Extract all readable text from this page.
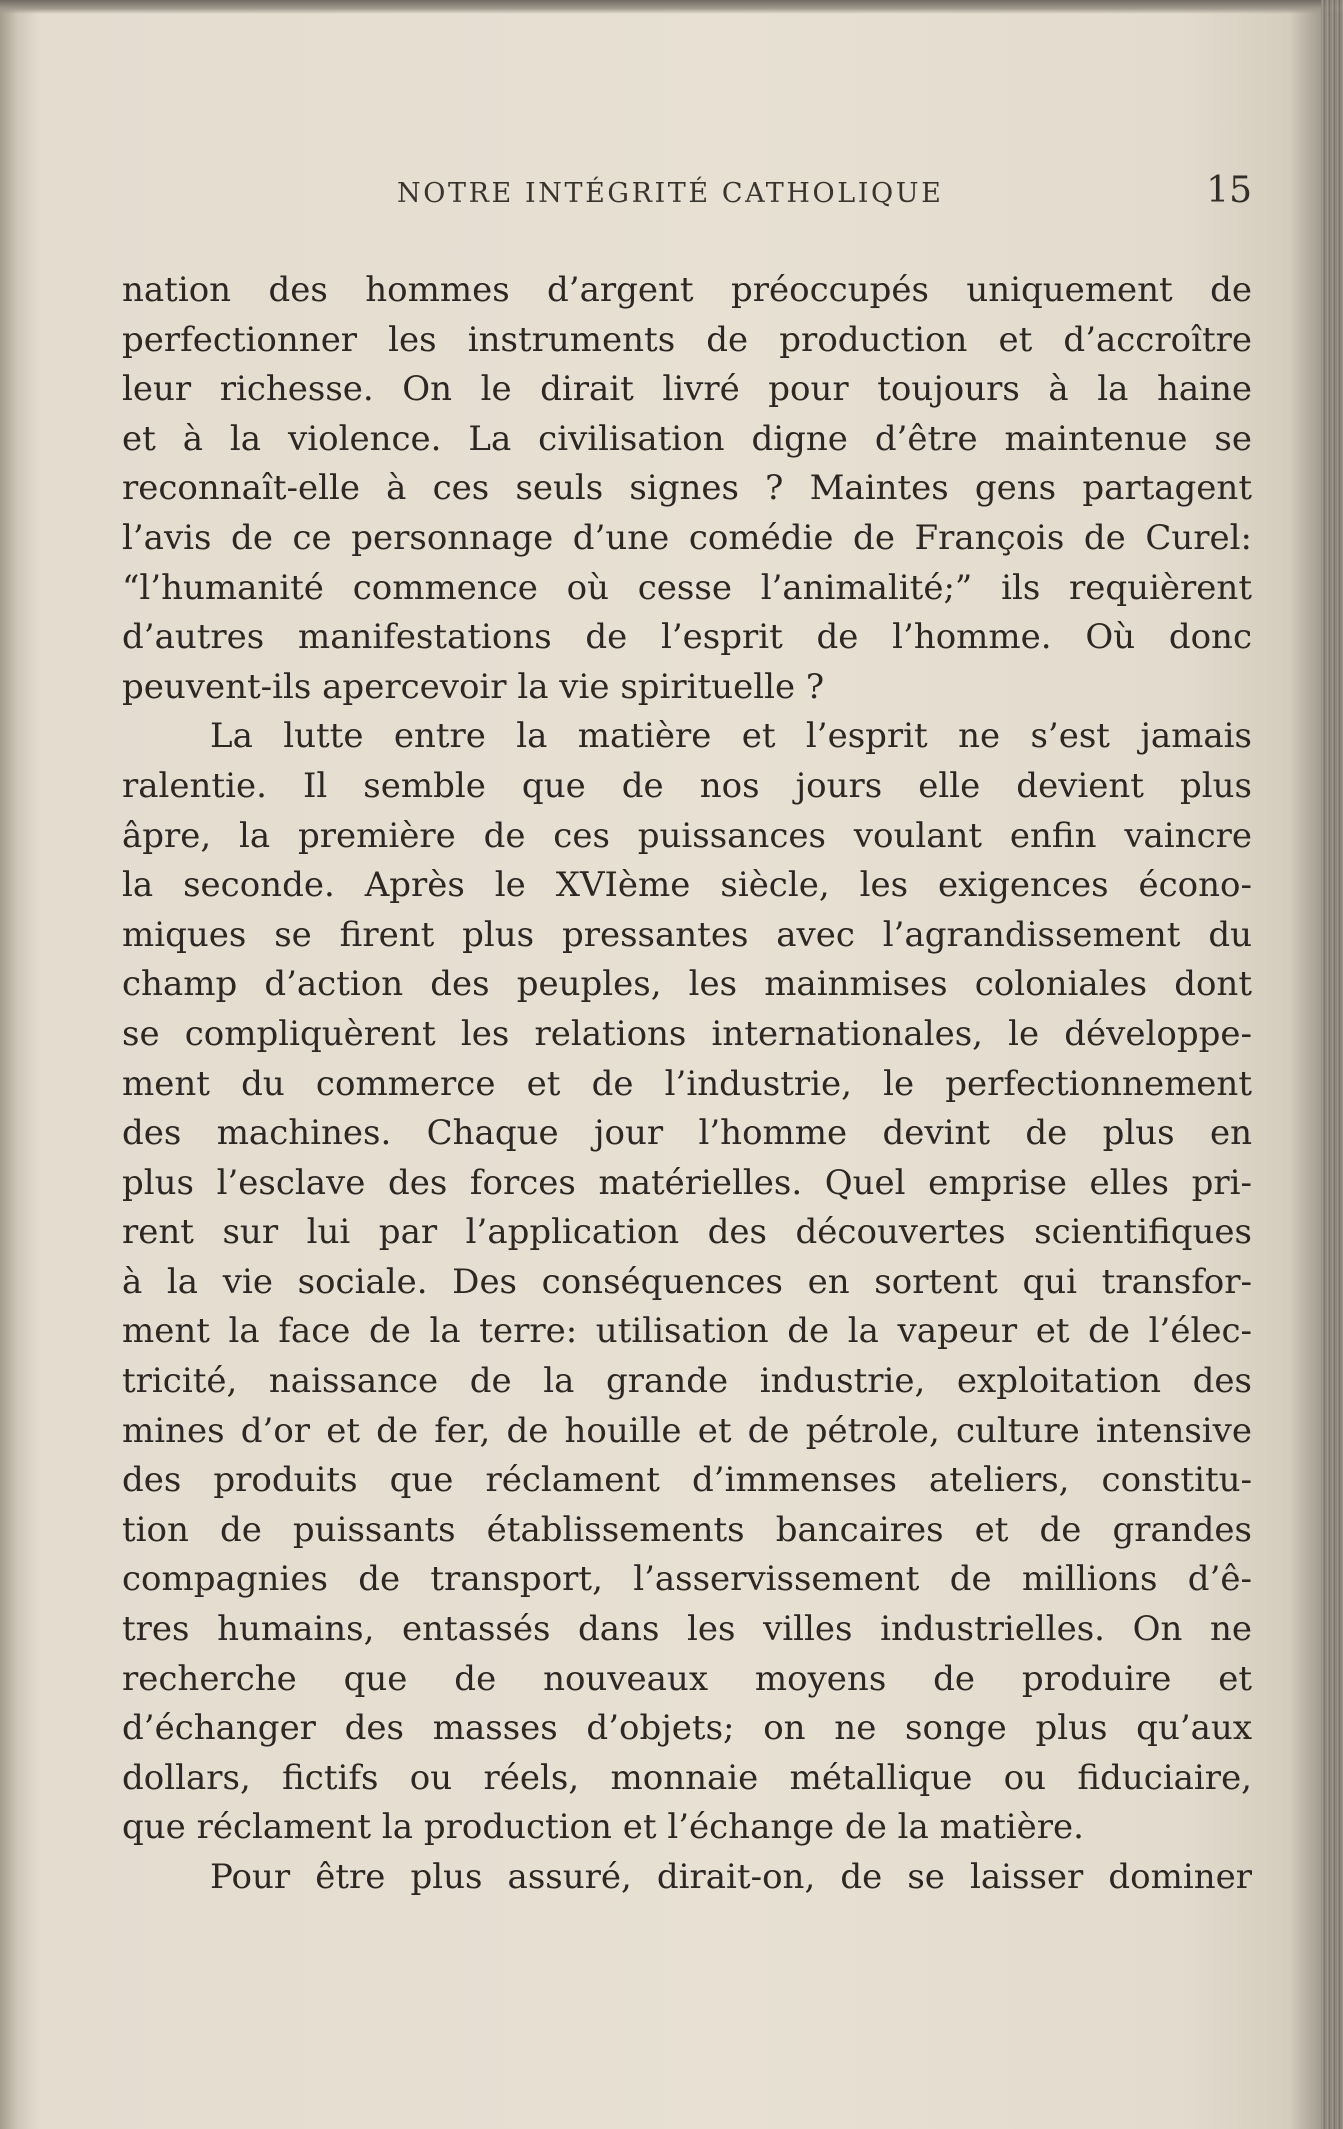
NOTRE INTÉGRITÉ CATHOLIQUE	15

nation des hommes d’argent préoccupés uniquement de
perfectionner les instruments de production et d’accroître
leur richesse. On le dirait livré pour toujours à la haine
et à la violence. La civilisation digne d’être maintenue se
reconnaît-elle à ces seuls signes ? Maintes gens partagent
l’avis de ce personnage d’une comédie de François de Curel:
“l’humanité commence où cesse l’animalité;” ils requièrent
d’autres manifestations de l’esprit de l’homme. Où donc
peuvent-ils apercevoir la vie spirituelle ?

La lutte entre la matière et l’esprit ne s’est jamais
ralentie. Il semble que de nos jours elle devient plus
âpre, la première de ces puissances voulant enfin vaincre
la seconde. Après le XVIème siècle, les exigences écono-
miques se firent plus pressantes avec l’agrandissement du
champ d’action des peuples, les mainmises coloniales dont
se compliquèrent les relations internationales, le développe-
ment du commerce et de l’industrie, le perfectionnement
des machines. Chaque jour l’homme devint de plus en
plus l’esclave des forces matérielles. Quel emprise elles pri-
rent sur lui par l’application des découvertes scientifiques
à la vie sociale. Des conséquences en sortent qui transfor-
ment la face de la terre: utilisation de la vapeur et de l’élec-
tricité, naissance de la grande industrie, exploitation des
mines d’or et de fer, de houille et de pétrole, culture intensive
des produits que réclament d’immenses ateliers, constitu-
tion de puissants établissements bancaires et de grandes
compagnies de transport, l’asservissement de millions d’ê-
tres humains, entassés dans les villes industrielles. On ne
recherche que de nouveaux moyens de produire et
d’échanger des masses d’objets; on ne songe plus qu’aux
dollars, fictifs ou réels, monnaie métallique ou fiduciaire,
que réclament la production et l’échange de la matière.

Pour être plus assuré, dirait-on, de se laisser dominer
